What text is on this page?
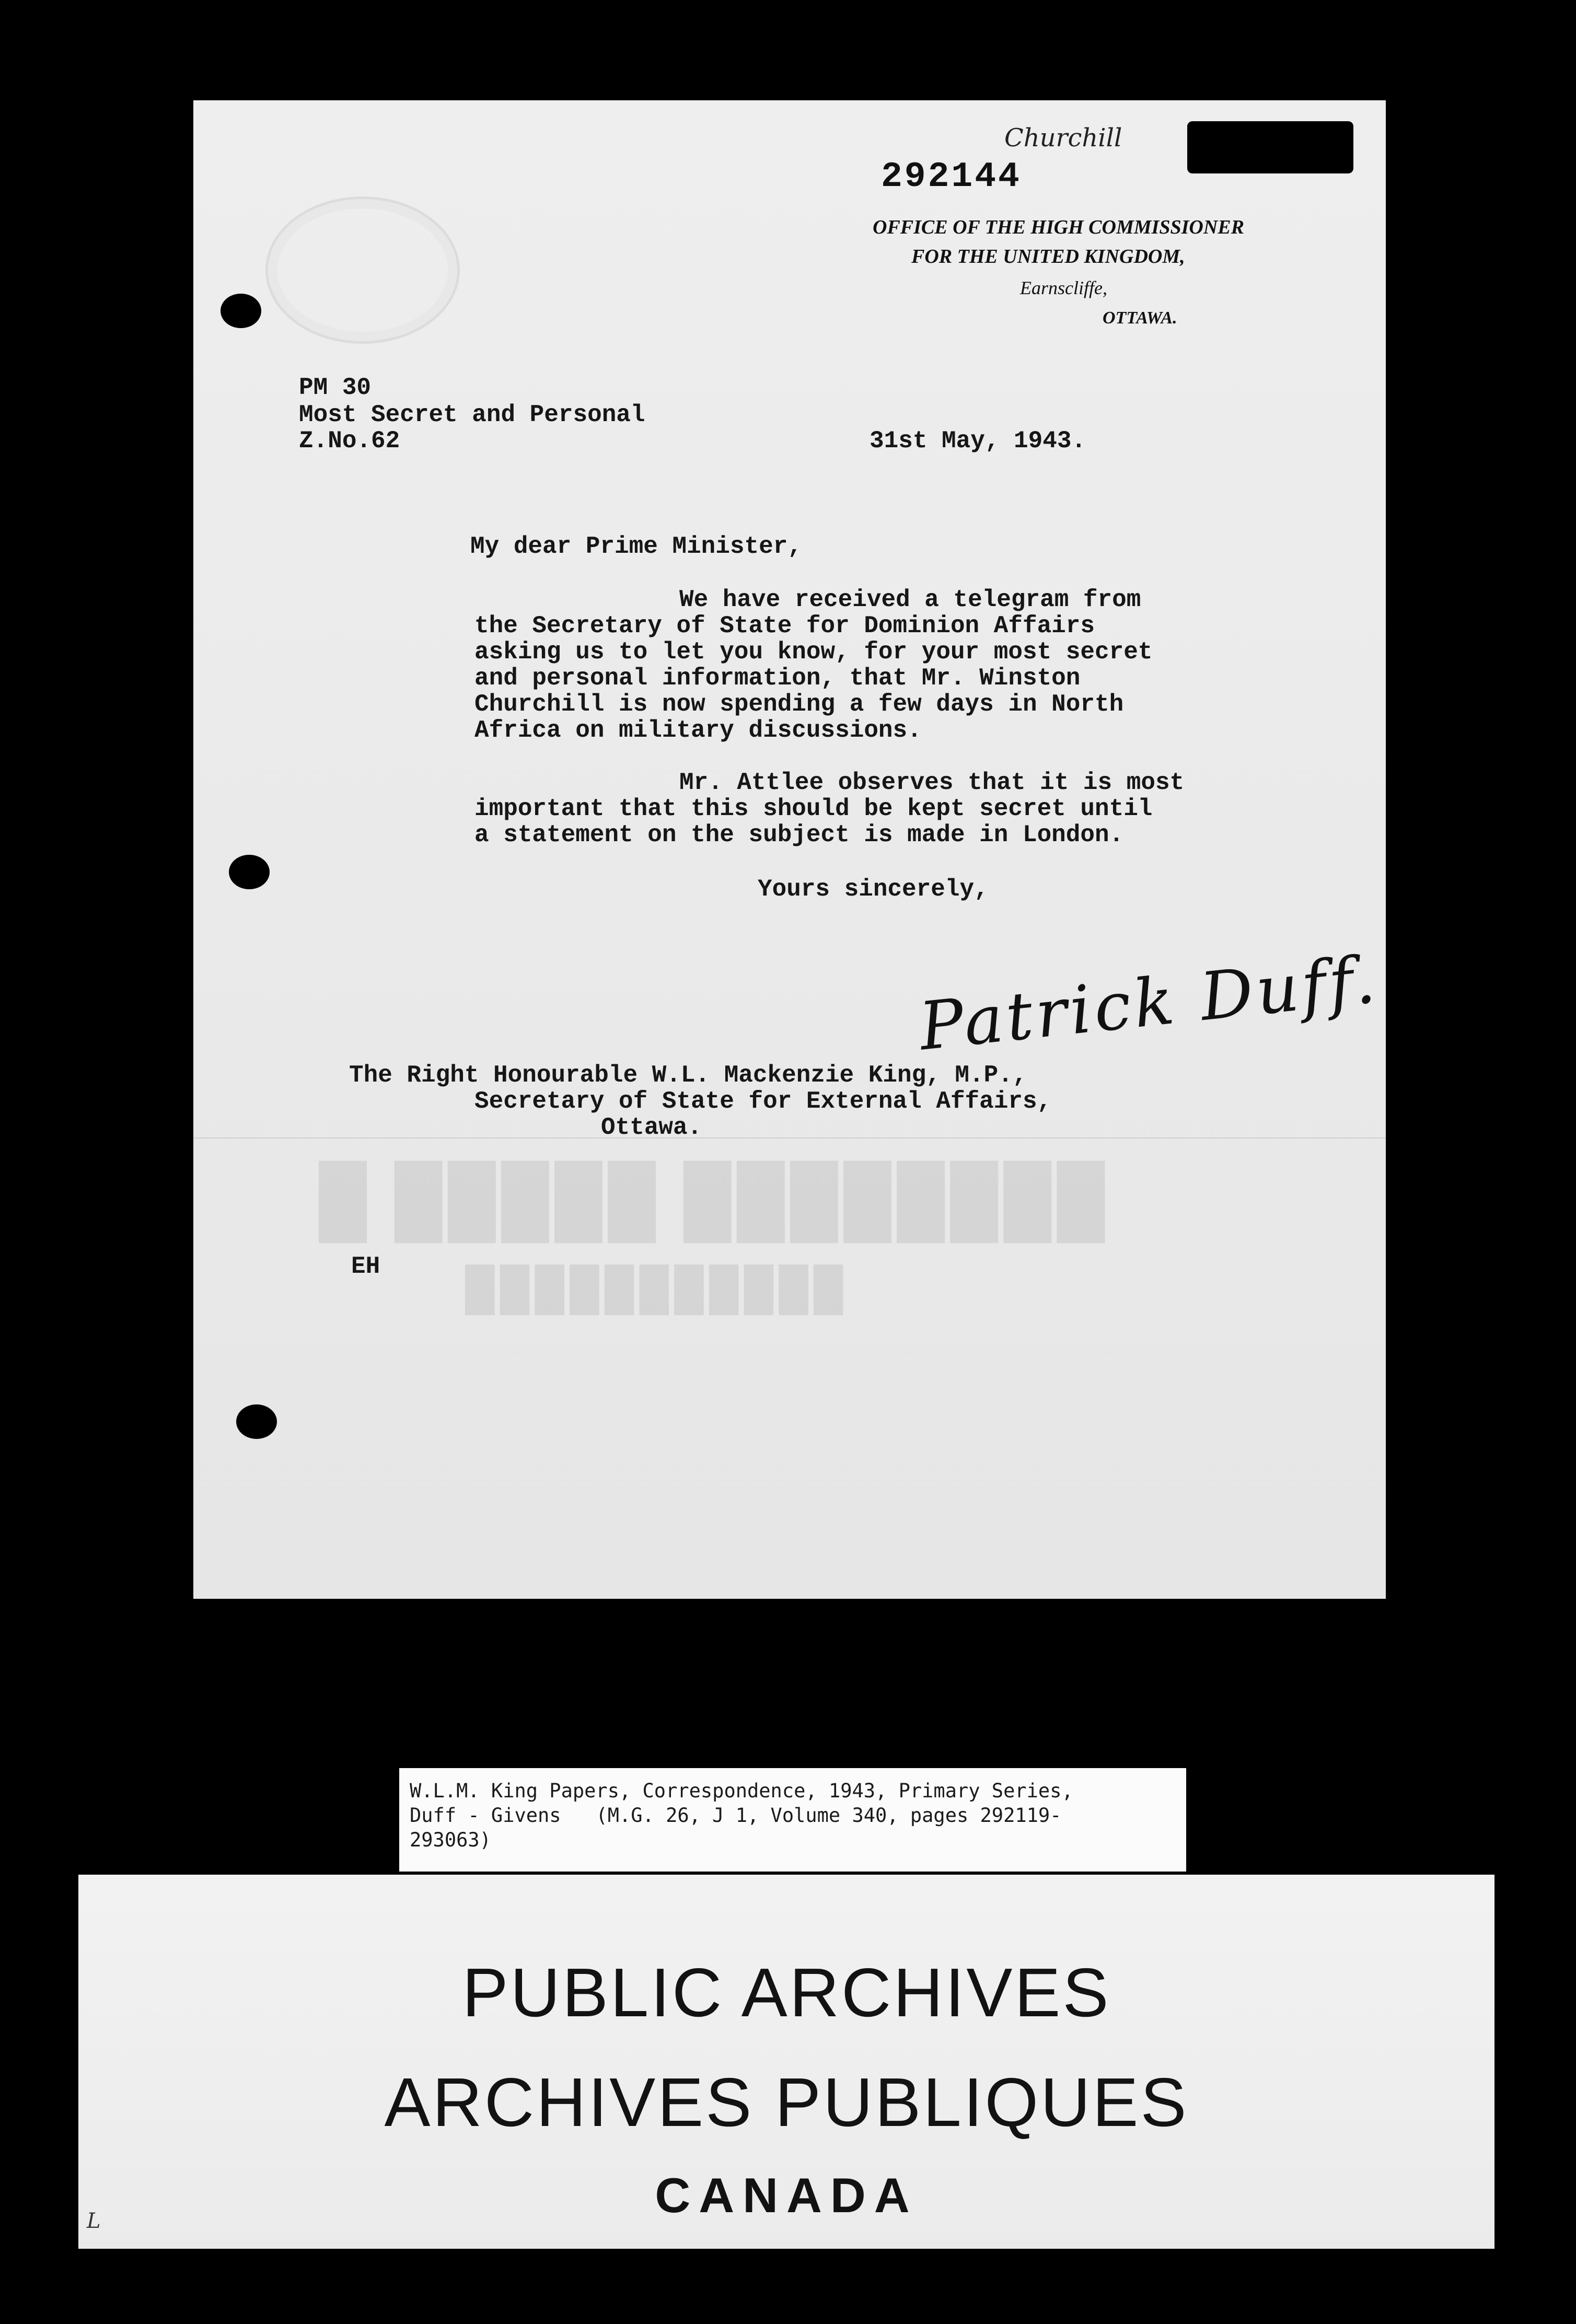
█ █████ ████████
███████████
292144
Churchill
OFFICE OF THE HIGH COMMISSIONER
FOR THE UNITED KINGDOM,
Earnscliffe,
OTTAWA.
PM 30
Most Secret and Personal
Z.No.62	31st May, 1943.
My dear Prime Minister,
We have received a telegram from
the Secretary of State for Dominion Affairs
asking us to let you know, for your most secret
and personal information, that Mr. Winston
Churchill is now spending a few days in North
Africa on military discussions.
Mr. Attlee observes that it is most
important that this should be kept secret until
a statement on the subject is made in London.
Yours sincerely,
Patrick Duff.
The Right Honourable W.L. Mackenzie King, M.P.,
Secretary of State for External Affairs,
Ottawa.
EH
W.L.M. King Papers, Correspondence, 1943, Primary Series,
Duff - Givens   (M.G. 26, J 1, Volume 340, pages 292119-
293063)
PUBLIC ARCHIVES
ARCHIVES PUBLIQUES
CANADA
L
